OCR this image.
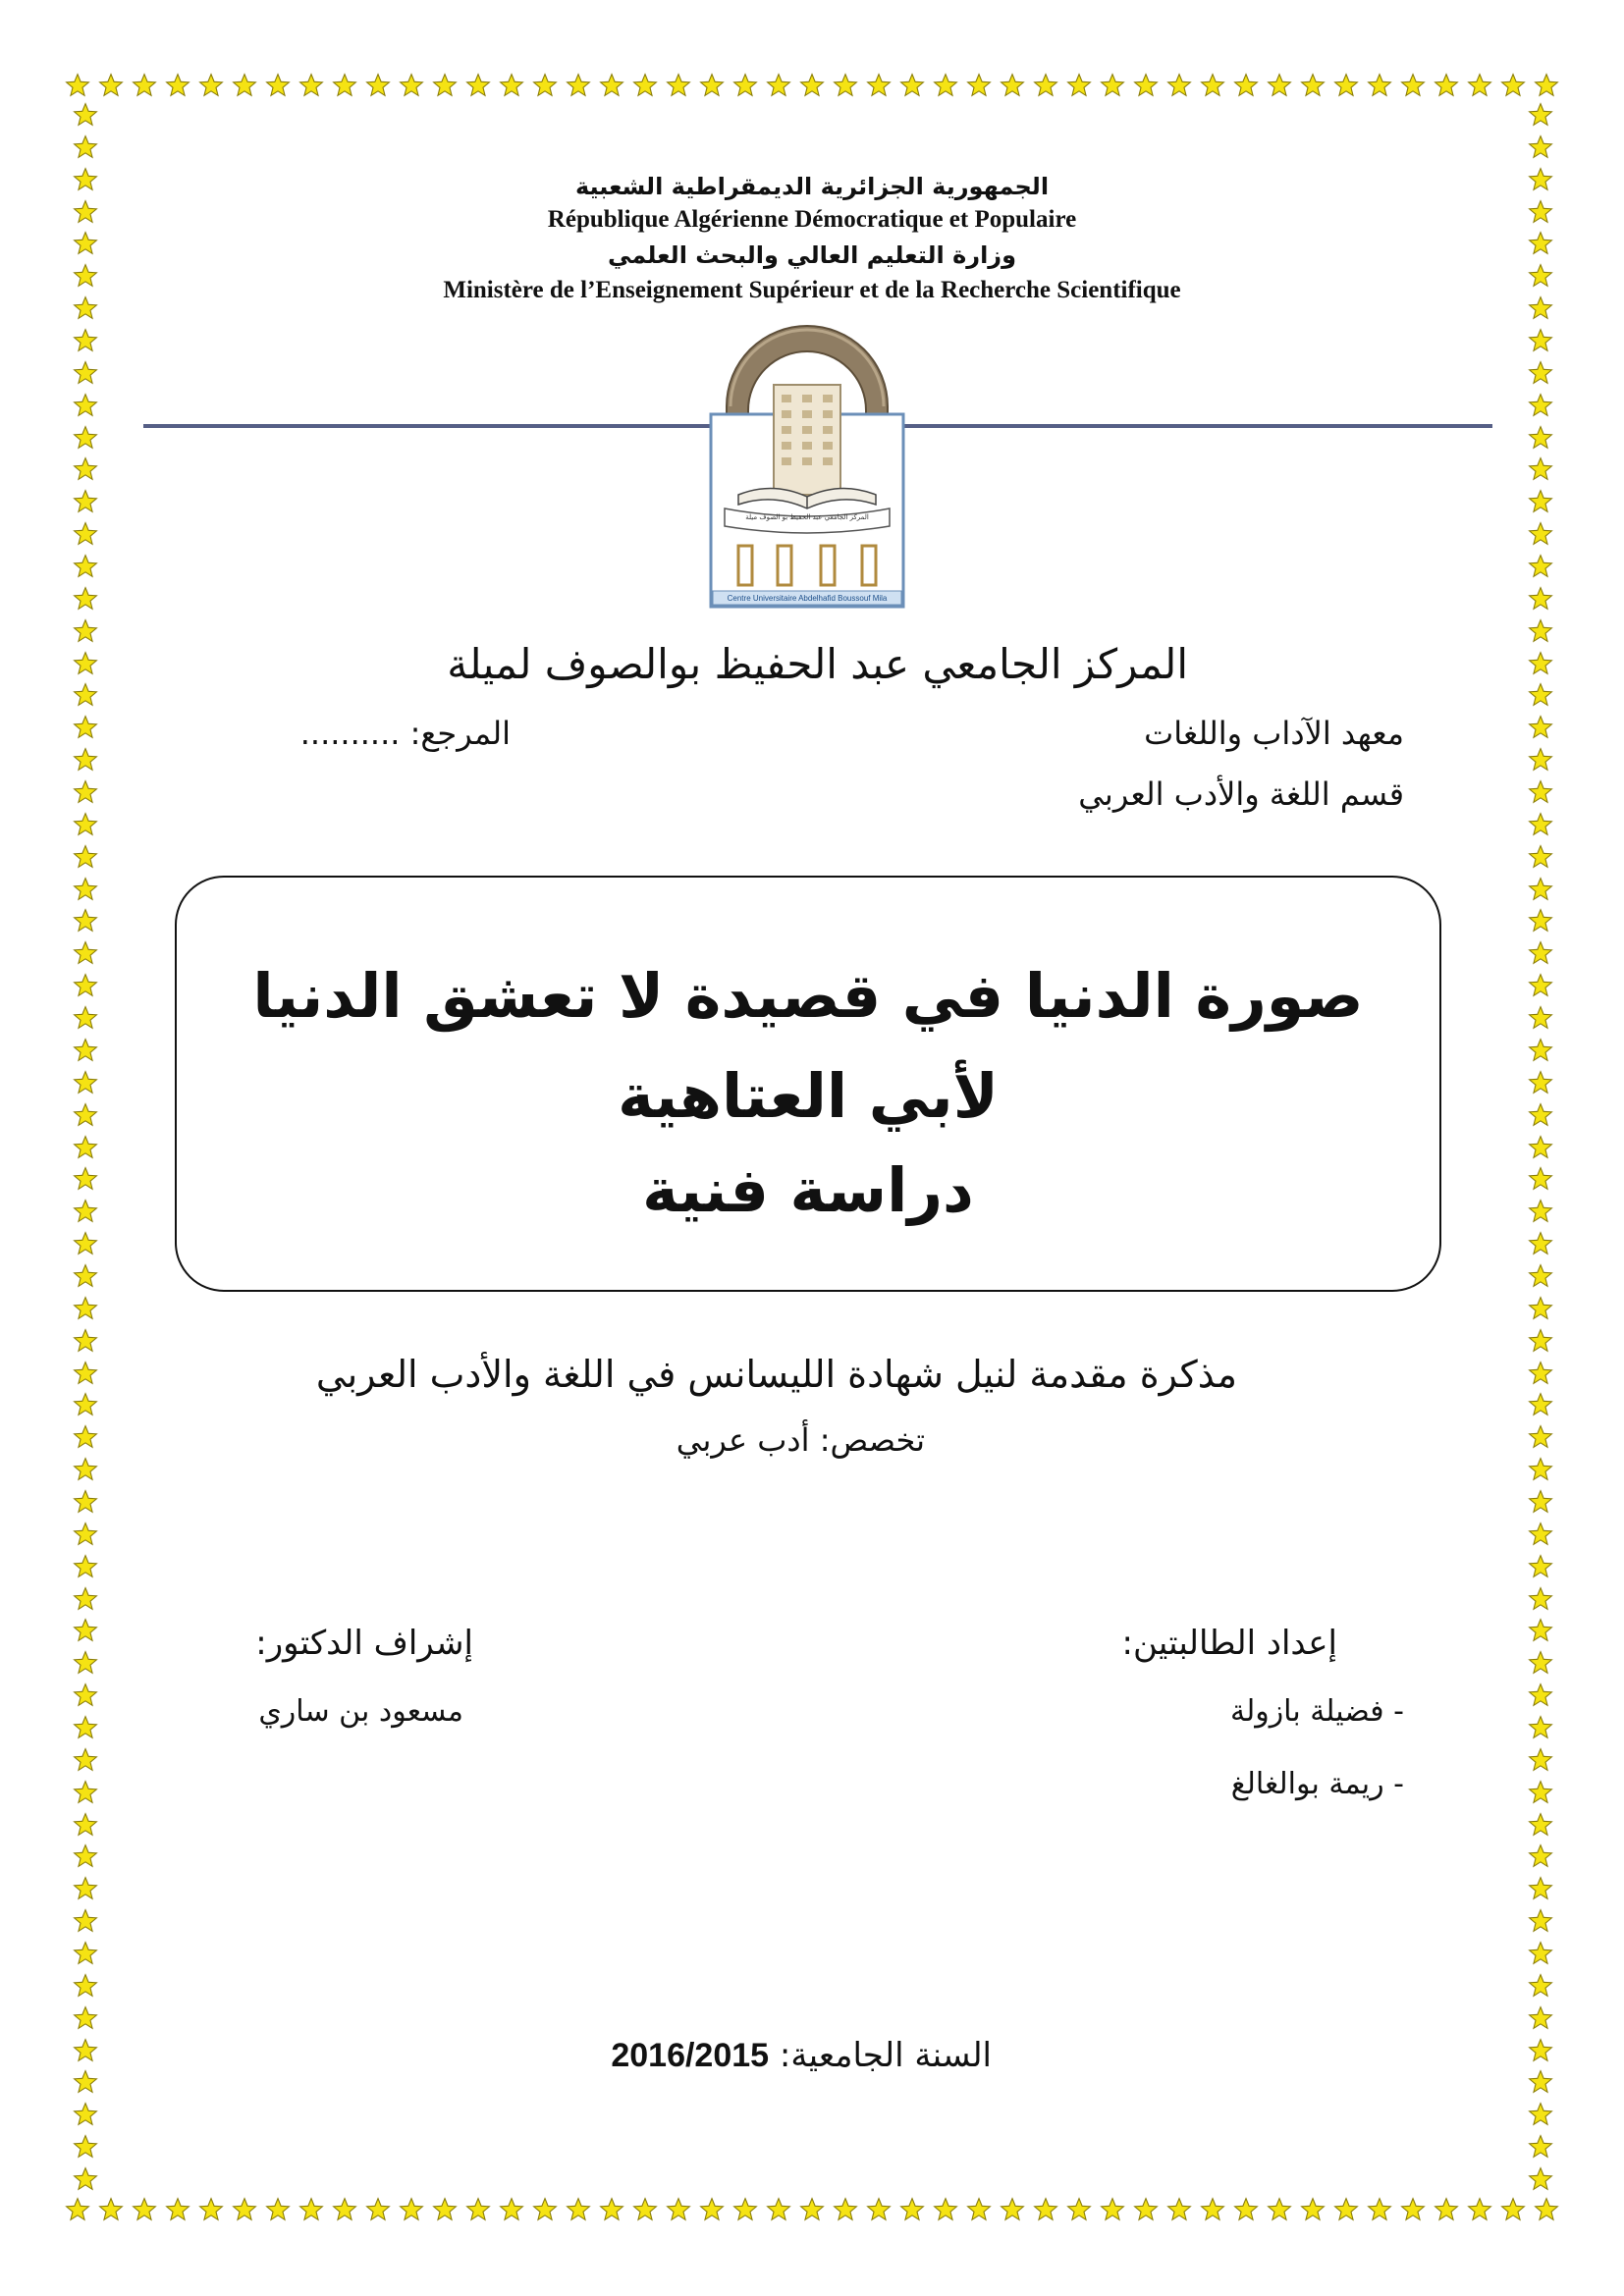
الجمهورية الجزائرية الديمقراطية الشعبية
République Algérienne Démocratique et Populaire
وزارة التعليم العالي والبحث العلمي
Ministère de l’Enseignement Supérieur et de la Recherche Scientifique
المركز الجامعي عبد الحفيظ بو الصوف ميلة
Centre Universitaire Abdelhafid Boussouf Mila
المركز الجامعي عبد الحفيظ بوالصوف لميلة
معهد الآداب واللغات
المرجع: ..........
قسم اللغة والأدب العربي
صورة الدنيا في قصيدة لا تعشق الدنيا
لأبي العتاهية
دراسة فنية
مذكرة مقدمة لنيل شهادة الليسانس في اللغة والأدب العربي
تخصص: أدب عربي
إعداد الطالبتين:
- فضيلة بازولة
- ريمة بوالغالغ
إشراف الدكتور:
مسعود بن ساري
السنة الجامعية: 2016/2015
